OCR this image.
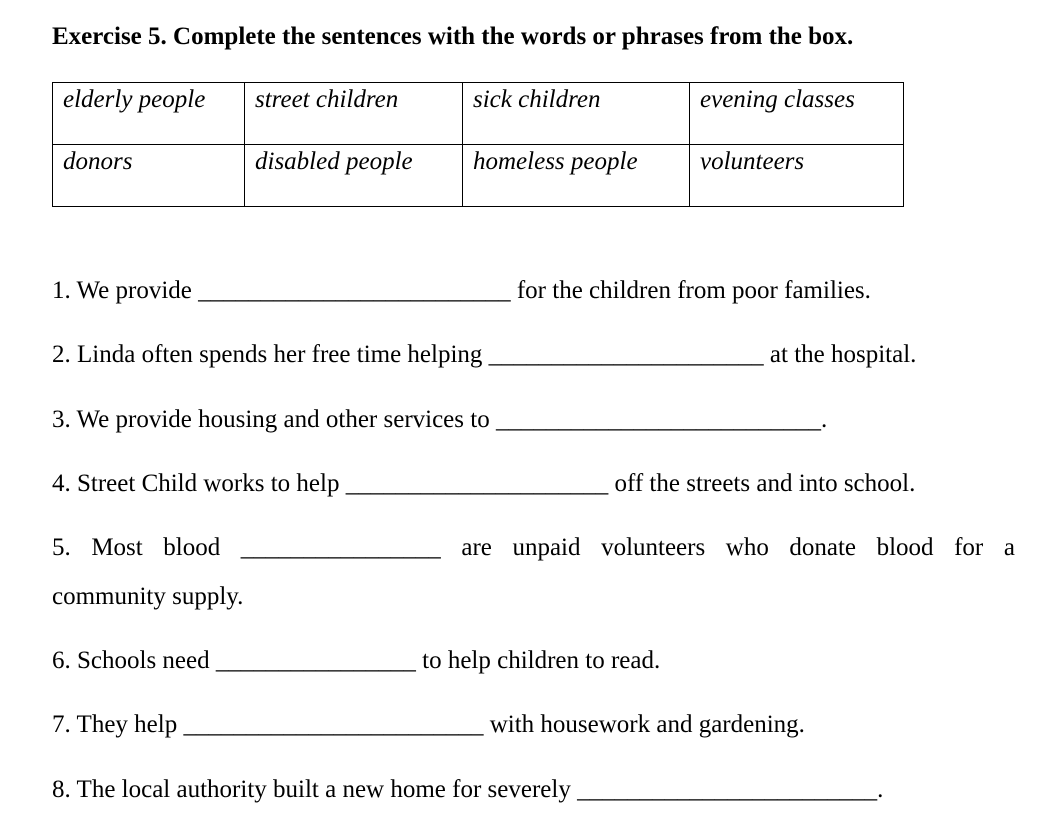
Exercise 5. Complete the sentences with the words or phrases from the box.
elderly people	street children	sick children	evening classes
donors	disabled people	homeless people	volunteers
1. We provide _________________________ for the children from poor families.
2. Linda often spends her free time helping ______________________ at the hospital.
3. We provide housing and other services to __________________________.
4. Street Child works to help _____________________ off the streets and into school.
5. Most blood ________________ are unpaid volunteers who donate blood for a
community supply.
6. Schools need ________________ to help children to read.
7. They help ________________________ with housework and gardening.
8. The local authority built a new home for severely ________________________.
